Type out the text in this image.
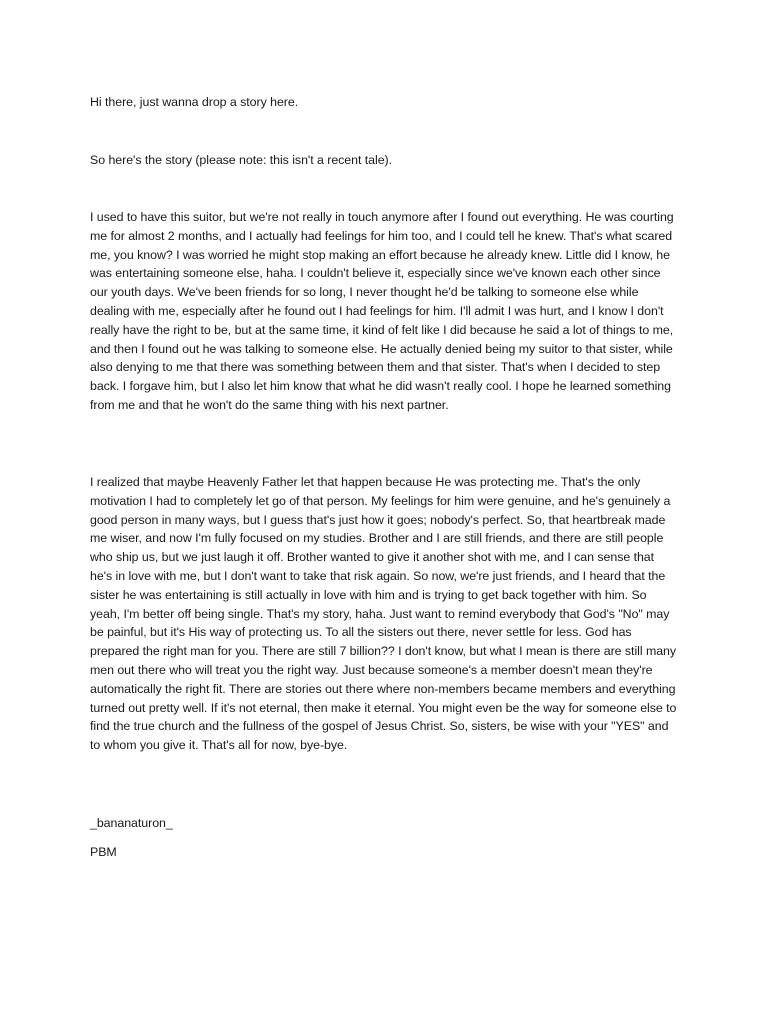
Hi there, just wanna drop a story here.

So here's the story (please note: this isn't a recent tale).

I used to have this suitor, but we're not really in touch anymore after I found out everything. He was courting me for almost 2 months, and I actually had feelings for him too, and I could tell he knew. That's what scared me, you know? I was worried he might stop making an effort because he already knew. Little did I know, he was entertaining someone else, haha. I couldn't believe it, especially since we've known each other since our youth days. We've been friends for so long, I never thought he'd be talking to someone else while dealing with me, especially after he found out I had feelings for him. I'll admit I was hurt, and I know I don't really have the right to be, but at the same time, it kind of felt like I did because he said a lot of things to me, and then I found out he was talking to someone else. He actually denied being my suitor to that sister, while also denying to me that there was something between them and that sister. That's when I decided to step back. I forgave him, but I also let him know that what he did wasn't really cool. I hope he learned something from me and that he won't do the same thing with his next partner.

I realized that maybe Heavenly Father let that happen because He was protecting me. That's the only motivation I had to completely let go of that person. My feelings for him were genuine, and he's genuinely a good person in many ways, but I guess that's just how it goes; nobody's perfect. So, that heartbreak made me wiser, and now I'm fully focused on my studies. Brother and I are still friends, and there are still people who ship us, but we just laugh it off. Brother wanted to give it another shot with me, and I can sense that he's in love with me, but I don't want to take that risk again. So now, we're just friends, and I heard that the sister he was entertaining is still actually in love with him and is trying to get back together with him. So yeah, I'm better off being single. That's my story, haha. Just want to remind everybody that God's "No" may be painful, but it's His way of protecting us. To all the sisters out there, never settle for less. God has prepared the right man for you. There are still 7 billion?? I don't know, but what I mean is there are still many men out there who will treat you the right way. Just because someone's a member doesn't mean they're automatically the right fit. There are stories out there where non-members became members and everything turned out pretty well. If it's not eternal, then make it eternal. You might even be the way for someone else to find the true church and the fullness of the gospel of Jesus Christ. So, sisters, be wise with your "YES" and to whom you give it. That's all for now, bye-bye.

_bananaturon_

PBM
